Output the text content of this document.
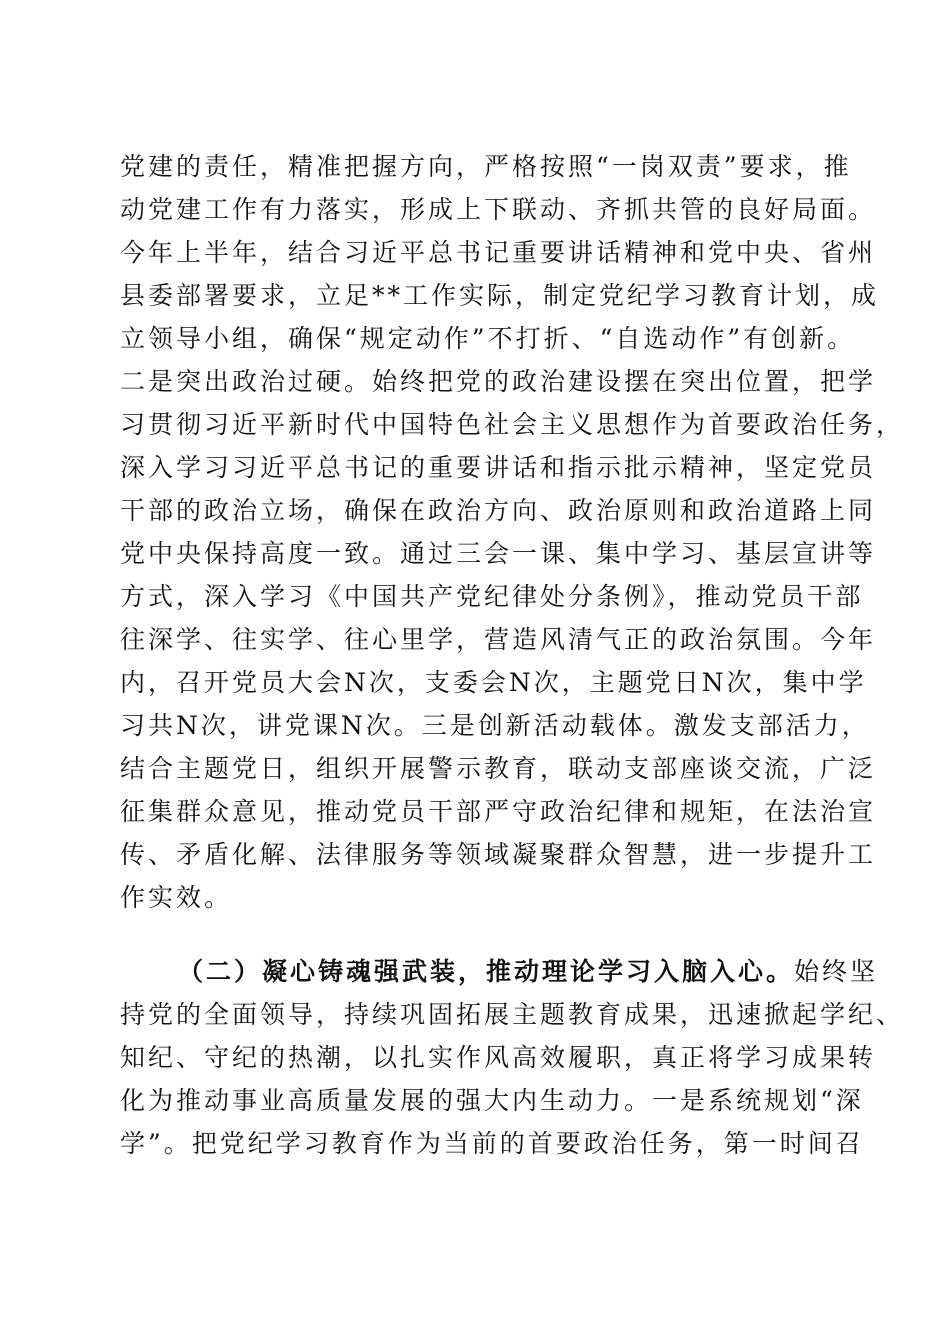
党建的责任，精准把握方向，严格按照“一岗双责”要求，推
动党建工作有力落实，形成上下联动、齐抓共管的良好局面。
今年上半年，结合习近平总书记重要讲话精神和党中央、省州
县委部署要求，立足**工作实际，制定党纪学习教育计划，成
立领导小组，确保“规定动作”不打折、“自选动作”有创新。
二是突出政治过硬。始终把党的政治建设摆在突出位置，把学
习贯彻习近平新时代中国特色社会主义思想作为首要政治任务，
深入学习习近平总书记的重要讲话和指示批示精神，坚定党员
干部的政治立场，确保在政治方向、政治原则和政治道路上同
党中央保持高度一致。通过三会一课、集中学习、基层宣讲等
方式，深入学习《中国共产党纪律处分条例》，推动党员干部
往深学、往实学、往心里学，营造风清气正的政治氛围。今年
内，召开党员大会N次，支委会N次，主题党日N次，集中学
习共N次，讲党课N次。三是创新活动载体。激发支部活力，
结合主题党日，组织开展警示教育，联动支部座谈交流，广泛
征集群众意见，推动党员干部严守政治纪律和规矩，在法治宣
传、矛盾化解、法律服务等领域凝聚群众智慧，进一步提升工
作实效。
（二）凝心铸魂强武装，推动理论学习入脑入心。始终坚
持党的全面领导，持续巩固拓展主题教育成果，迅速掀起学纪、
知纪、守纪的热潮，以扎实作风高效履职，真正将学习成果转
化为推动事业高质量发展的强大内生动力。一是系统规划“深
学”。把党纪学习教育作为当前的首要政治任务，第一时间召
